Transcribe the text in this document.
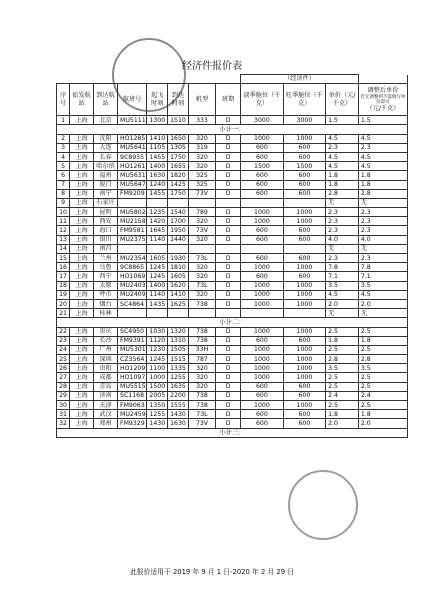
经济件报价表
								（经济件）			
序号	始发航站	到达航站	航班号	起飞时刻	到达时刻	机型	班期	淡季舱位（千克）	旺季舱位（千克）	单价（元/千克）	调整后单价
若无调整则不需填写单价即可
（元/千克）

1	上海	北京	MU5111	1300	1510	333	D	3000	3000	1.5	1.5
小计一：											
2	上海	沈阳	HO1285	1410	1650	320	D	1000	1000	4.5	4.5
3	上海	大连	MU5641	1105	1305	319	D	600	600	2.3	2.3
4	上海	长春	9C8935	1455	1750	320	D	600	600	4.5	4.5
5	上海	哈尔滨	HO1261	1400	1655	320	D	1500	1500	4.5	4.5
6	上海	福州	MU5631	1630	1820	325	D	600	600	1.8	1.8
7	上海	厦门	MU5647	1240	1425	325	D	600	600	1.8	1.8
8	上海	南宁	FM9209	1455	1750	73V	D	600	600	2.8	2.8
9	上海	石家庄								无	无
10	上海	昆明	MU5802	1235	1540	789	D	1000	1000	2.3	2.3
11	上海	西安	MU2158	1420	1700	320	D	1000	1000	2.3	2.3
12	上海	海口	FM9581	1645	1950	73V	D	600	600	2.3	2.3
13	上海	银川	MU2375	1140	1440	320	D	600	600	4.0	4.0
14	上海	南昌								无	无
15	上海	兰州	MU2354	1605	1930	73L	D	600	600	2.3	2.3
16	上海	乌鲁	9C8865	1245	1810	320	D	1000	1000	7.8	7.8
17	上海	西宁	HO1069	1245	1605	320	D	600	600	7.1	7.1
18	上海	太原	MU2403	1400	1620	73L	D	1000	1000	3.5	3.5
19	上海	呼市	MU2409	1140	1410	320	D	1000	1000	4.5	4.5
20	上海	烟台	SC4864	1435	1625	738	D	1000	1000	2.0	2.0
21	上海	桂林								无	无
小计二：											
22	上海	重庆	SC4950	1030	1320	738	D	1000	1000	2.5	2.5
23	上海	长沙	FM9391	1120	1310	738	D	600	600	1.8	1.8
24	上海	广州	MU5301	1230	1505	33H	D	1000	1000	2.5	2.5
25	上海	深圳	CZ3564	1245	1515	787	D	1000	1000	2.8	2.8
26	上海	贵阳	HO1209	1100	1335	320	D	1000	1000	3.5	3.5
27	上海	成都	HO1097	1000	1255	320	D	1000	1000	2.5	2.5
28	上海	青岛	MU5515	1500	1635	320	D	600	600	2.5	2.5
29	上海	济南	SC1168	2005	2200	738	D	600	600	2.4	2.4
30	上海	天津	FM9063	1350	1555	738	D	1000	1000	2.5	2.5
31	上海	武汉	MU2459	1255	1430	73L	D	600	600	1.8	1.8
32	上海	郑州	FM9329	1430	1630	73V	D	600	600	2.0	2.0
小计三：											
此报价适用于 2019 年 9 月 1 日-2020 年 2 月 29 日
